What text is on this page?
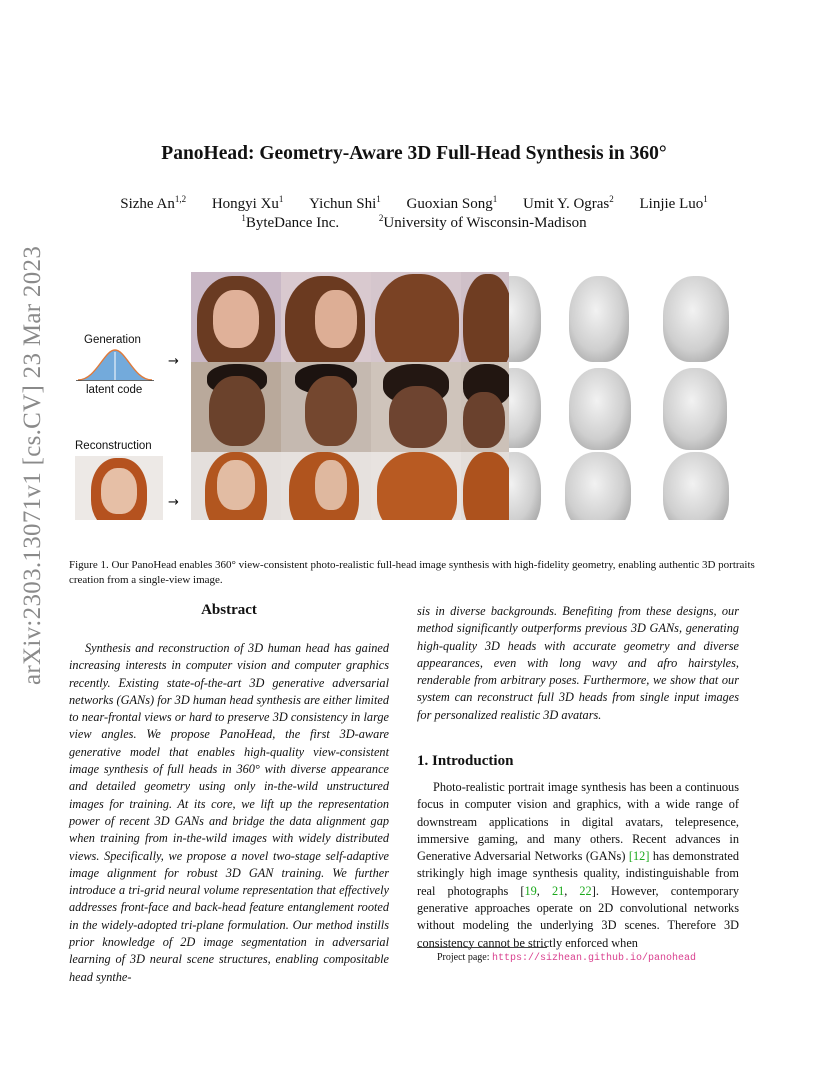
arXiv:2303.13071v1 [cs.CV] 23 Mar 2023
PanoHead: Geometry-Aware 3D Full-Head Synthesis in 360°
Sizhe An$^{1,2}$ Hongyi Xu$^1$ Yichun Shi$^1$ Guoxian Song$^1$ Umit Y. Ogras$^2$ Linjie Luo$^1$
$^1$ByteDance Inc.	$^2$University of Wisconsin-Madison
Generation
latent code
→
Reconstruction
→
Figure 1. Our PanoHead enables 360° view-consistent photo-realistic full-head image synthesis with high-fidelity geometry, enabling authentic 3D portraits creation from a single-view image.
Abstract
Synthesis and reconstruction of 3D human head has gained increasing interests in computer vision and computer graphics recently. Existing state-of-the-art 3D generative adversarial networks (GANs) for 3D human head synthesis are either limited to near-frontal views or hard to preserve 3D consistency in large view angles. We propose PanoHead, the first 3D-aware generative model that enables high-quality view-consistent image synthesis of full heads in 360° with diverse appearance and detailed geometry using only in-the-wild unstructured images for training. At its core, we lift up the representation power of recent 3D GANs and bridge the data alignment gap when training from in-the-wild images with widely distributed views. Specifically, we propose a novel two-stage self-adaptive image alignment for robust 3D GAN training. We further introduce a tri-grid neural volume representation that effectively addresses front-face and back-head feature entanglement rooted in the widely-adopted tri-plane formulation. Our method instills prior knowledge of 2D image segmentation in adversarial learning of 3D neural scene structures, enabling compositable head synthe-
sis in diverse backgrounds. Benefiting from these designs, our method significantly outperforms previous 3D GANs, generating high-quality 3D heads with accurate geometry and diverse appearances, even with long wavy and afro hairstyles, renderable from arbitrary poses. Furthermore, we show that our system can reconstruct full 3D heads from single input images for personalized realistic 3D avatars.
1. Introduction
Photo-realistic portrait image synthesis has been a continuous focus in computer vision and graphics, with a wide range of downstream applications in digital avatars, telepresence, immersive gaming, and many others. Recent advances in Generative Adversarial Networks (GANs) [12] has demonstrated strikingly high image synthesis quality, indistinguishable from real photographs [19, 21, 22]. However, contemporary generative approaches operate on 2D convolutional networks without modeling the underlying 3D scenes. Therefore 3D consistency cannot be strictly enforced when
Project page: https://sizhean.github.io/panohead
